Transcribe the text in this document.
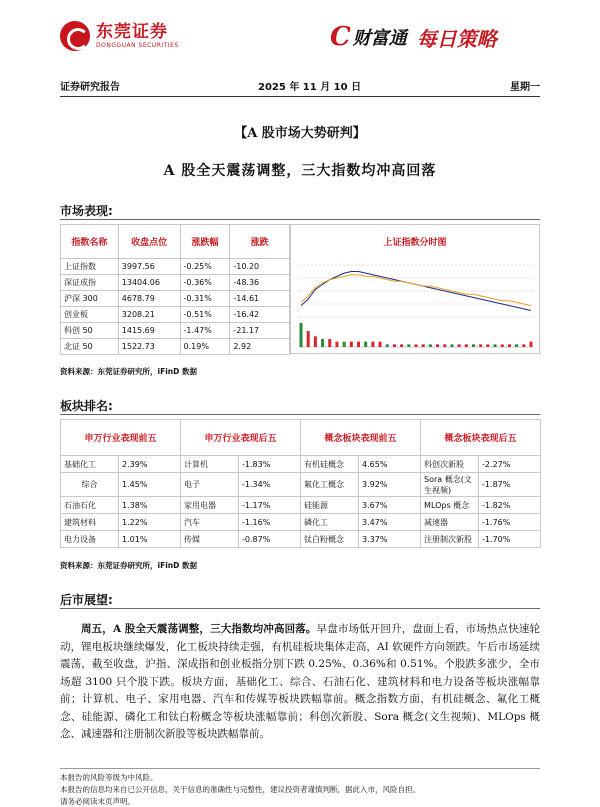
东莞证券
DONGGUAN SECURITIES	C 财富通 每日策略
证券研究报告	2025 年 11 月 10 日	星期一
【A 股市场大势研判】
A 股全天震荡调整，三大指数均冲高回落
市场表现:
指数名称	收盘点位	涨跌幅	涨跌
上证指数	3997.56	-0.25%	-10.20
深证成指	13404.06	-0.36%	-48.36
沪深 300	4678.79	-0.31%	-14.61
创业板	3208.21	-0.51%	-16.42
科创 50	1415.69	-1.47%	-21.17
北证 50	1522.73	0.19%	2.92
上证指数分时图
资料来源：东莞证券研究所，iFinD 数据
板块排名:
申万行业表现前五		申万行业表现后五		概念板块表现前五		概念板块表现后五	
基础化工	2.39%	计算机	-1.83%	有机硅概念	4.65%	科创次新股	-2.27%
综合	1.45%	电子	-1.34%	氟化工概念	3.92%	Sora 概念(文生视频)	-1.87%
石油石化	1.38%	家用电器	-1.17%	硅能源	3.67%	MLOps 概念	-1.82%
建筑材料	1.22%	汽车	-1.16%	磷化工	3.47%	减速器	-1.76%
电力设备	1.01%	传媒	-0.87%	钛白粉概念	3.37%	注册制次新股	-1.70%
资料来源：东莞证券研究所，iFinD 数据
后市展望:

周五，A 股全天震荡调整，三大指数均冲高回落。早盘市场低开回升，盘面上看，市场热点快速轮动，锂电板块继续爆发，化工板块持续走强，有机硅板块集体走高，AI 软硬件方向领跌。午后市场延续震荡，截至收盘，沪指、深成指和创业板指分别下跌 0.25%、0.36%和 0.51%。个股跌多涨少，全市场超 3100 只个股下跌。板块方面，基础化工、综合、石油石化、建筑材料和电力设备等板块涨幅靠前；计算机、电子、家用电器、汽车和传媒等板块跌幅靠前。概念指数方面，有机硅概念、氟化工概念、硅能源、磷化工和钛白粉概念等板块涨幅靠前；科创次新股、Sora 概念(文生视频)、MLOps 概念、减速器和注册制次新股等板块跌幅靠前。

本报告的风险等级为中风险。
本报告的信息均来自已公开信息，关于信息的准确性与完整性，建议投资者谨慎判断，据此入市，风险自担。
请务必阅读末页声明。
